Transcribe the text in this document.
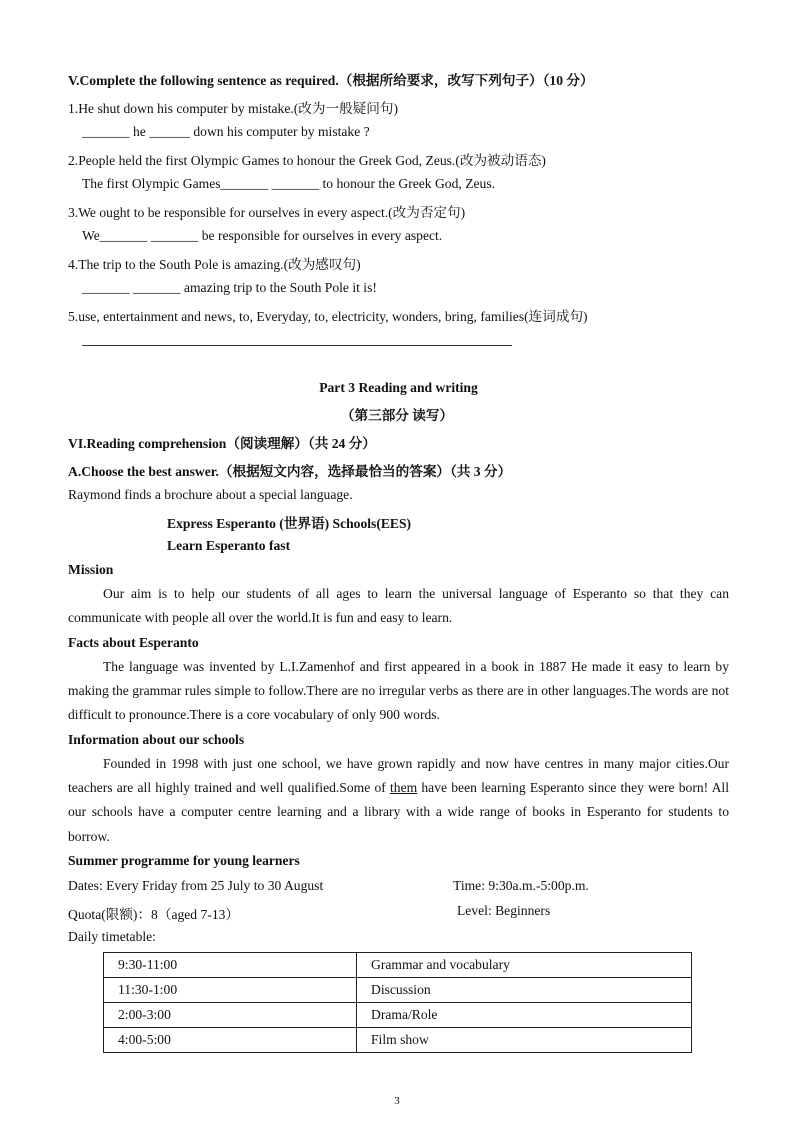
V.Complete the following sentence as required.（根据所给要求，改写下列句子）（10 分）
1.He shut down his computer by mistake.(改为一般疑问句)
_______ he ______ down his computer by mistake ?
2.People held the first Olympic Games to honour the Greek God, Zeus.(改为被动语态)
The first Olympic Games_______ _______ to honour the Greek God, Zeus.
3.We ought to be responsible for ourselves in every aspect.(改为否定句)
We_______ _______ be responsible for ourselves in every aspect.
4.The trip to the South Pole is amazing.(改为感叹句)
_______ _______ amazing trip to the South Pole it is!
5.use, entertainment and news, to, Everyday, to, electricity, wonders, bring, families(连词成句)
Part 3 Reading and writing
（第三部分 读写）
VI.Reading comprehension（阅读理解）（共 24 分）
A.Choose the best answer.（根据短文内容，选择最恰当的答案）（共 3 分）
Raymond finds a brochure about a special language.
Express Esperanto (世界语) Schools(EES)
Learn Esperanto fast
Mission
Our aim is to help our students of all ages to learn the universal language of Esperanto so that they can communicate with people all over the world.It is fun and easy to learn.
Facts about Esperanto
The language was invented by L.I.Zamenhof and first appeared in a book in 1887 He made it easy to learn by making the grammar rules simple to follow.There are no irregular verbs as there are in other languages.The words are not difficult to pronounce.There is a core vocabulary of only 900 words.
Information about our schools
Founded in 1998 with just one school, we have grown rapidly and now have centres in many major cities.Our teachers are all highly trained and well qualified.Some of them have been learning Esperanto since they were born! All our schools have a computer centre learning and a library with a wide range of books in Esperanto for students to borrow.
Summer programme for young learners
Dates: Every Friday from 25 July to 30 August	Time: 9:30a.m.-5:00p.m.
Quota(限额)：8（aged 7-13）	Level: Beginners
Daily timetable:
9:30-11:00	Grammar and vocabulary
11:30-1:00	Discussion
2:00-3:00	Drama/Role
4:00-5:00	Film show
3
